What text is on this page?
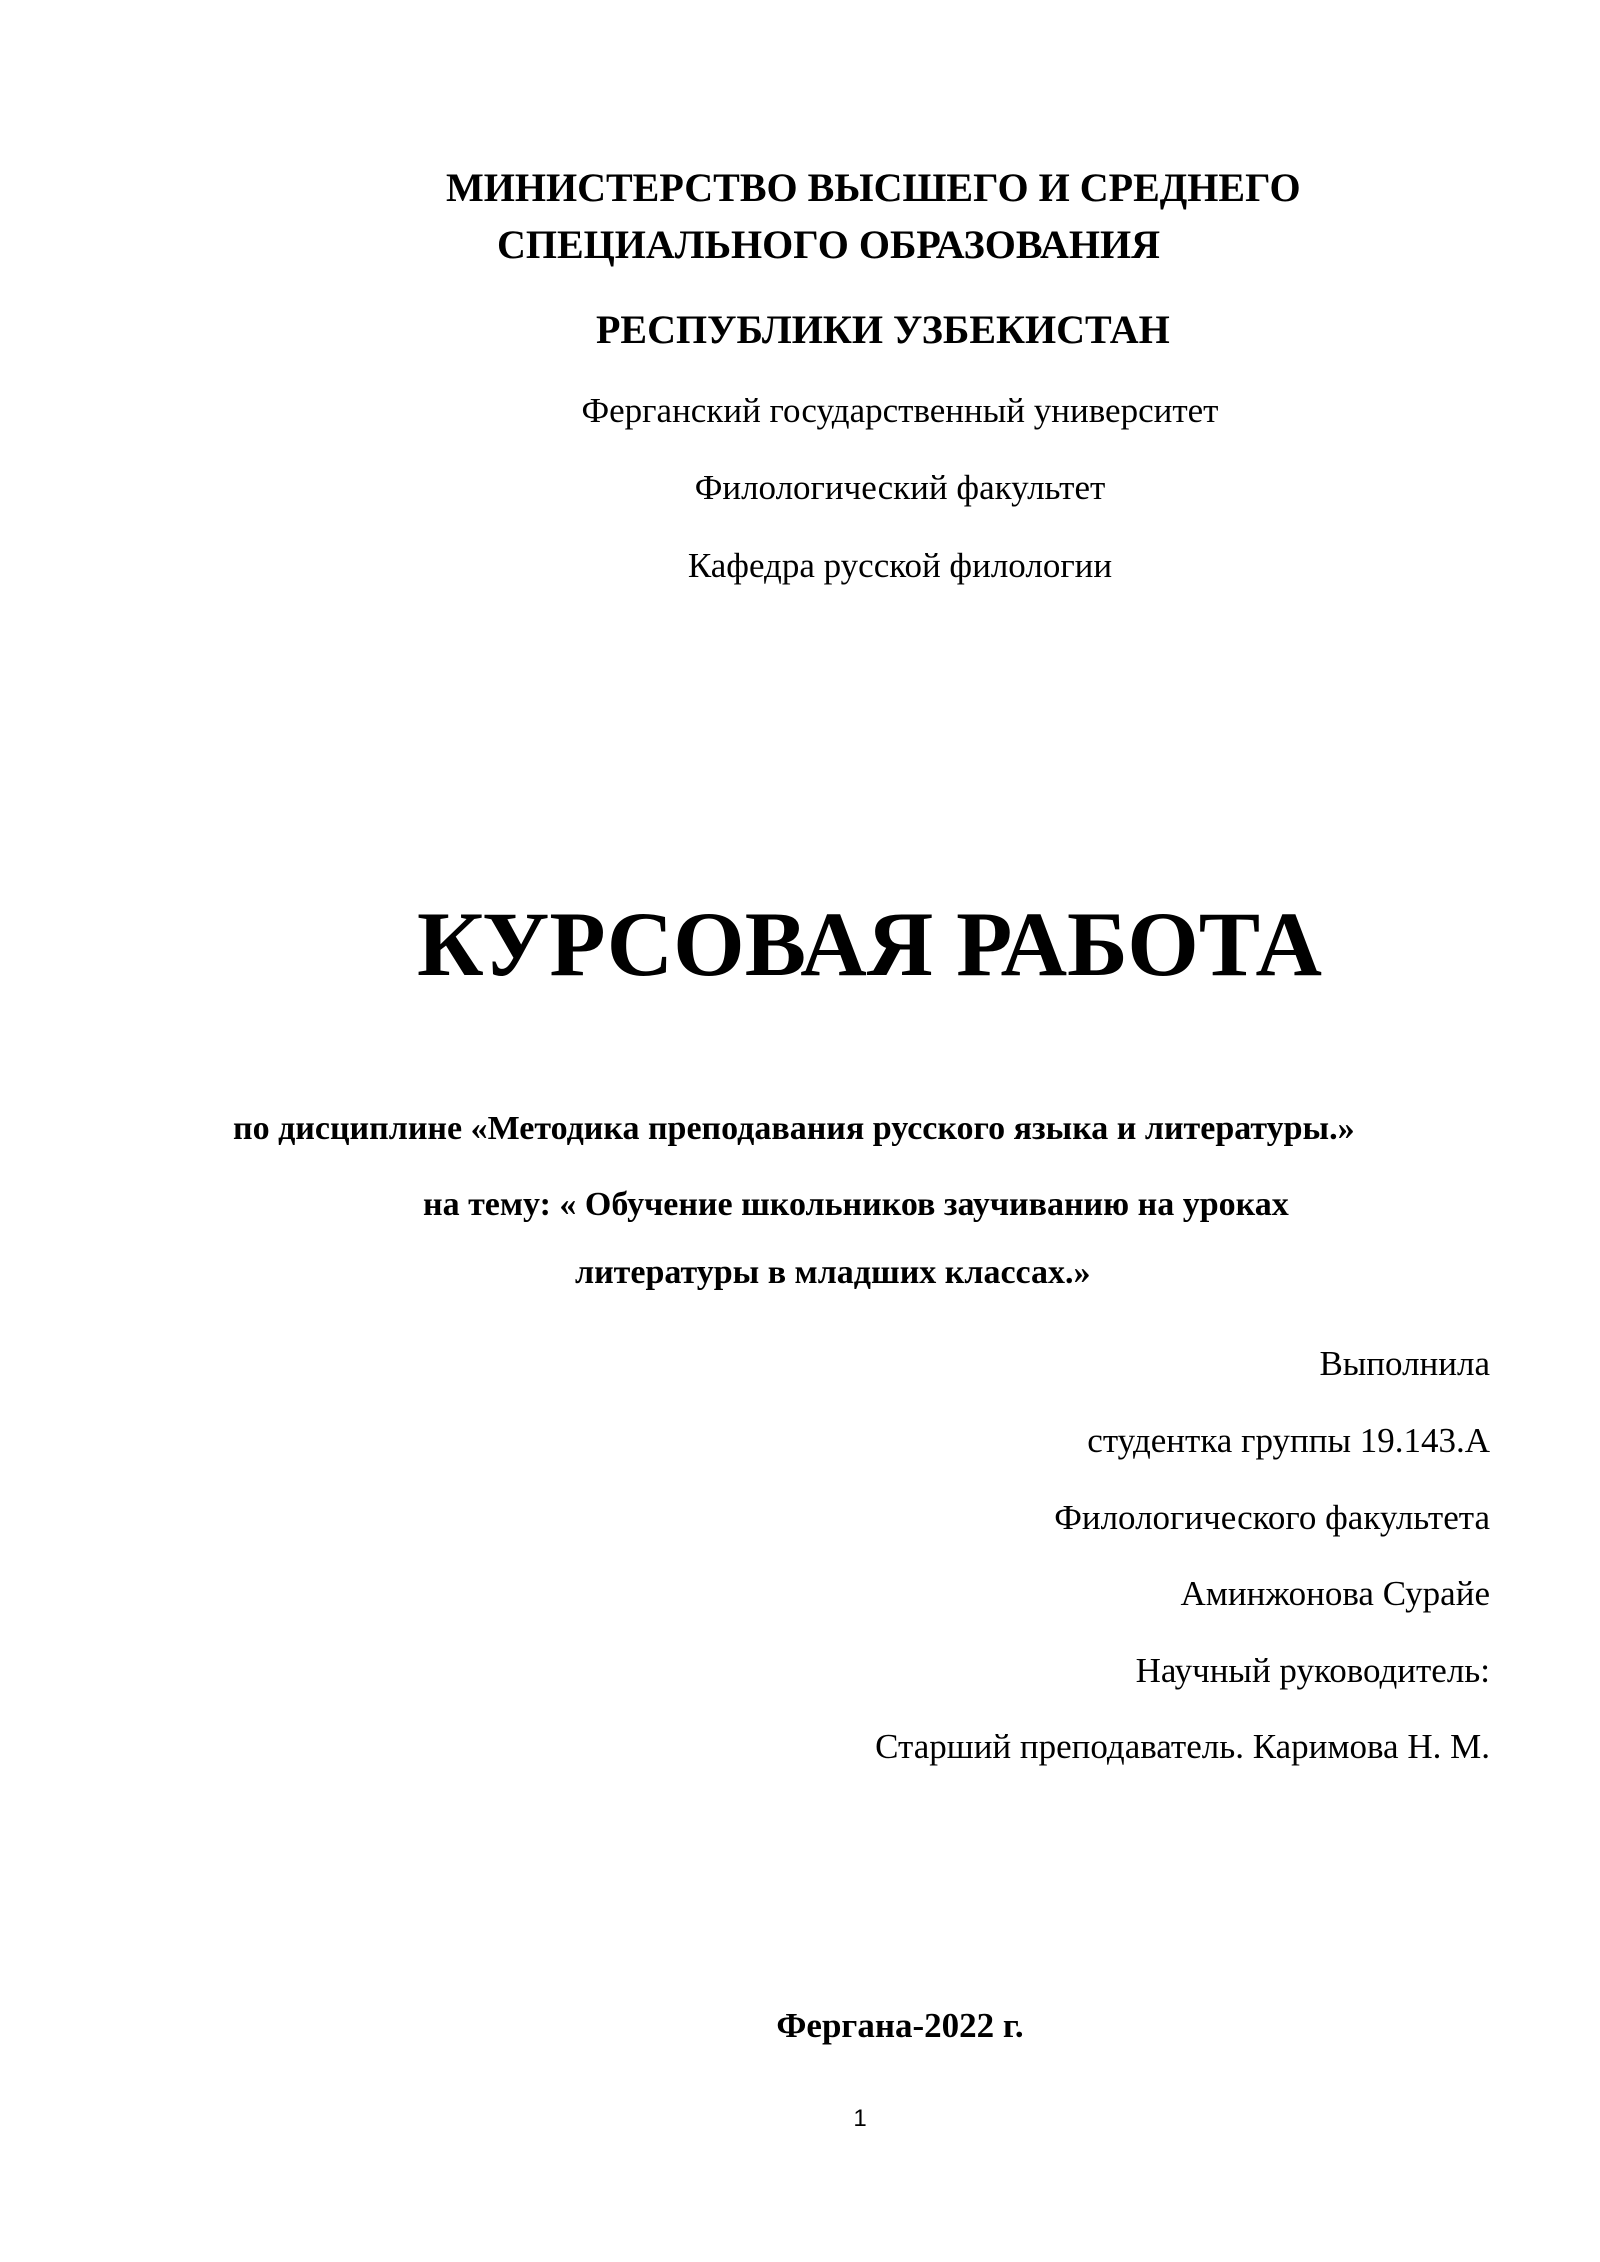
МИНИСТЕРСТВО ВЫСШЕГО И СРЕДНЕГО
СПЕЦИАЛЬНОГО ОБРАЗОВАНИЯ
РЕСПУБЛИКИ УЗБЕКИСТАН
Ферганский государственный университет
Филологический факультет
Кафедра русской филологии
КУРСОВАЯ РАБОТА
по дисциплине «Методика преподавания русского языка и литературы.»
на тему: « Обучение школьников заучиванию на уроках
литературы в младших классах.»
Выполнила
студентка группы 19.143.А
Филологического факультета
Аминжонова Сурайе
Научный руководитель:
Старший преподаватель. Каримова Н. М.
Фергана-2022 г.
1
